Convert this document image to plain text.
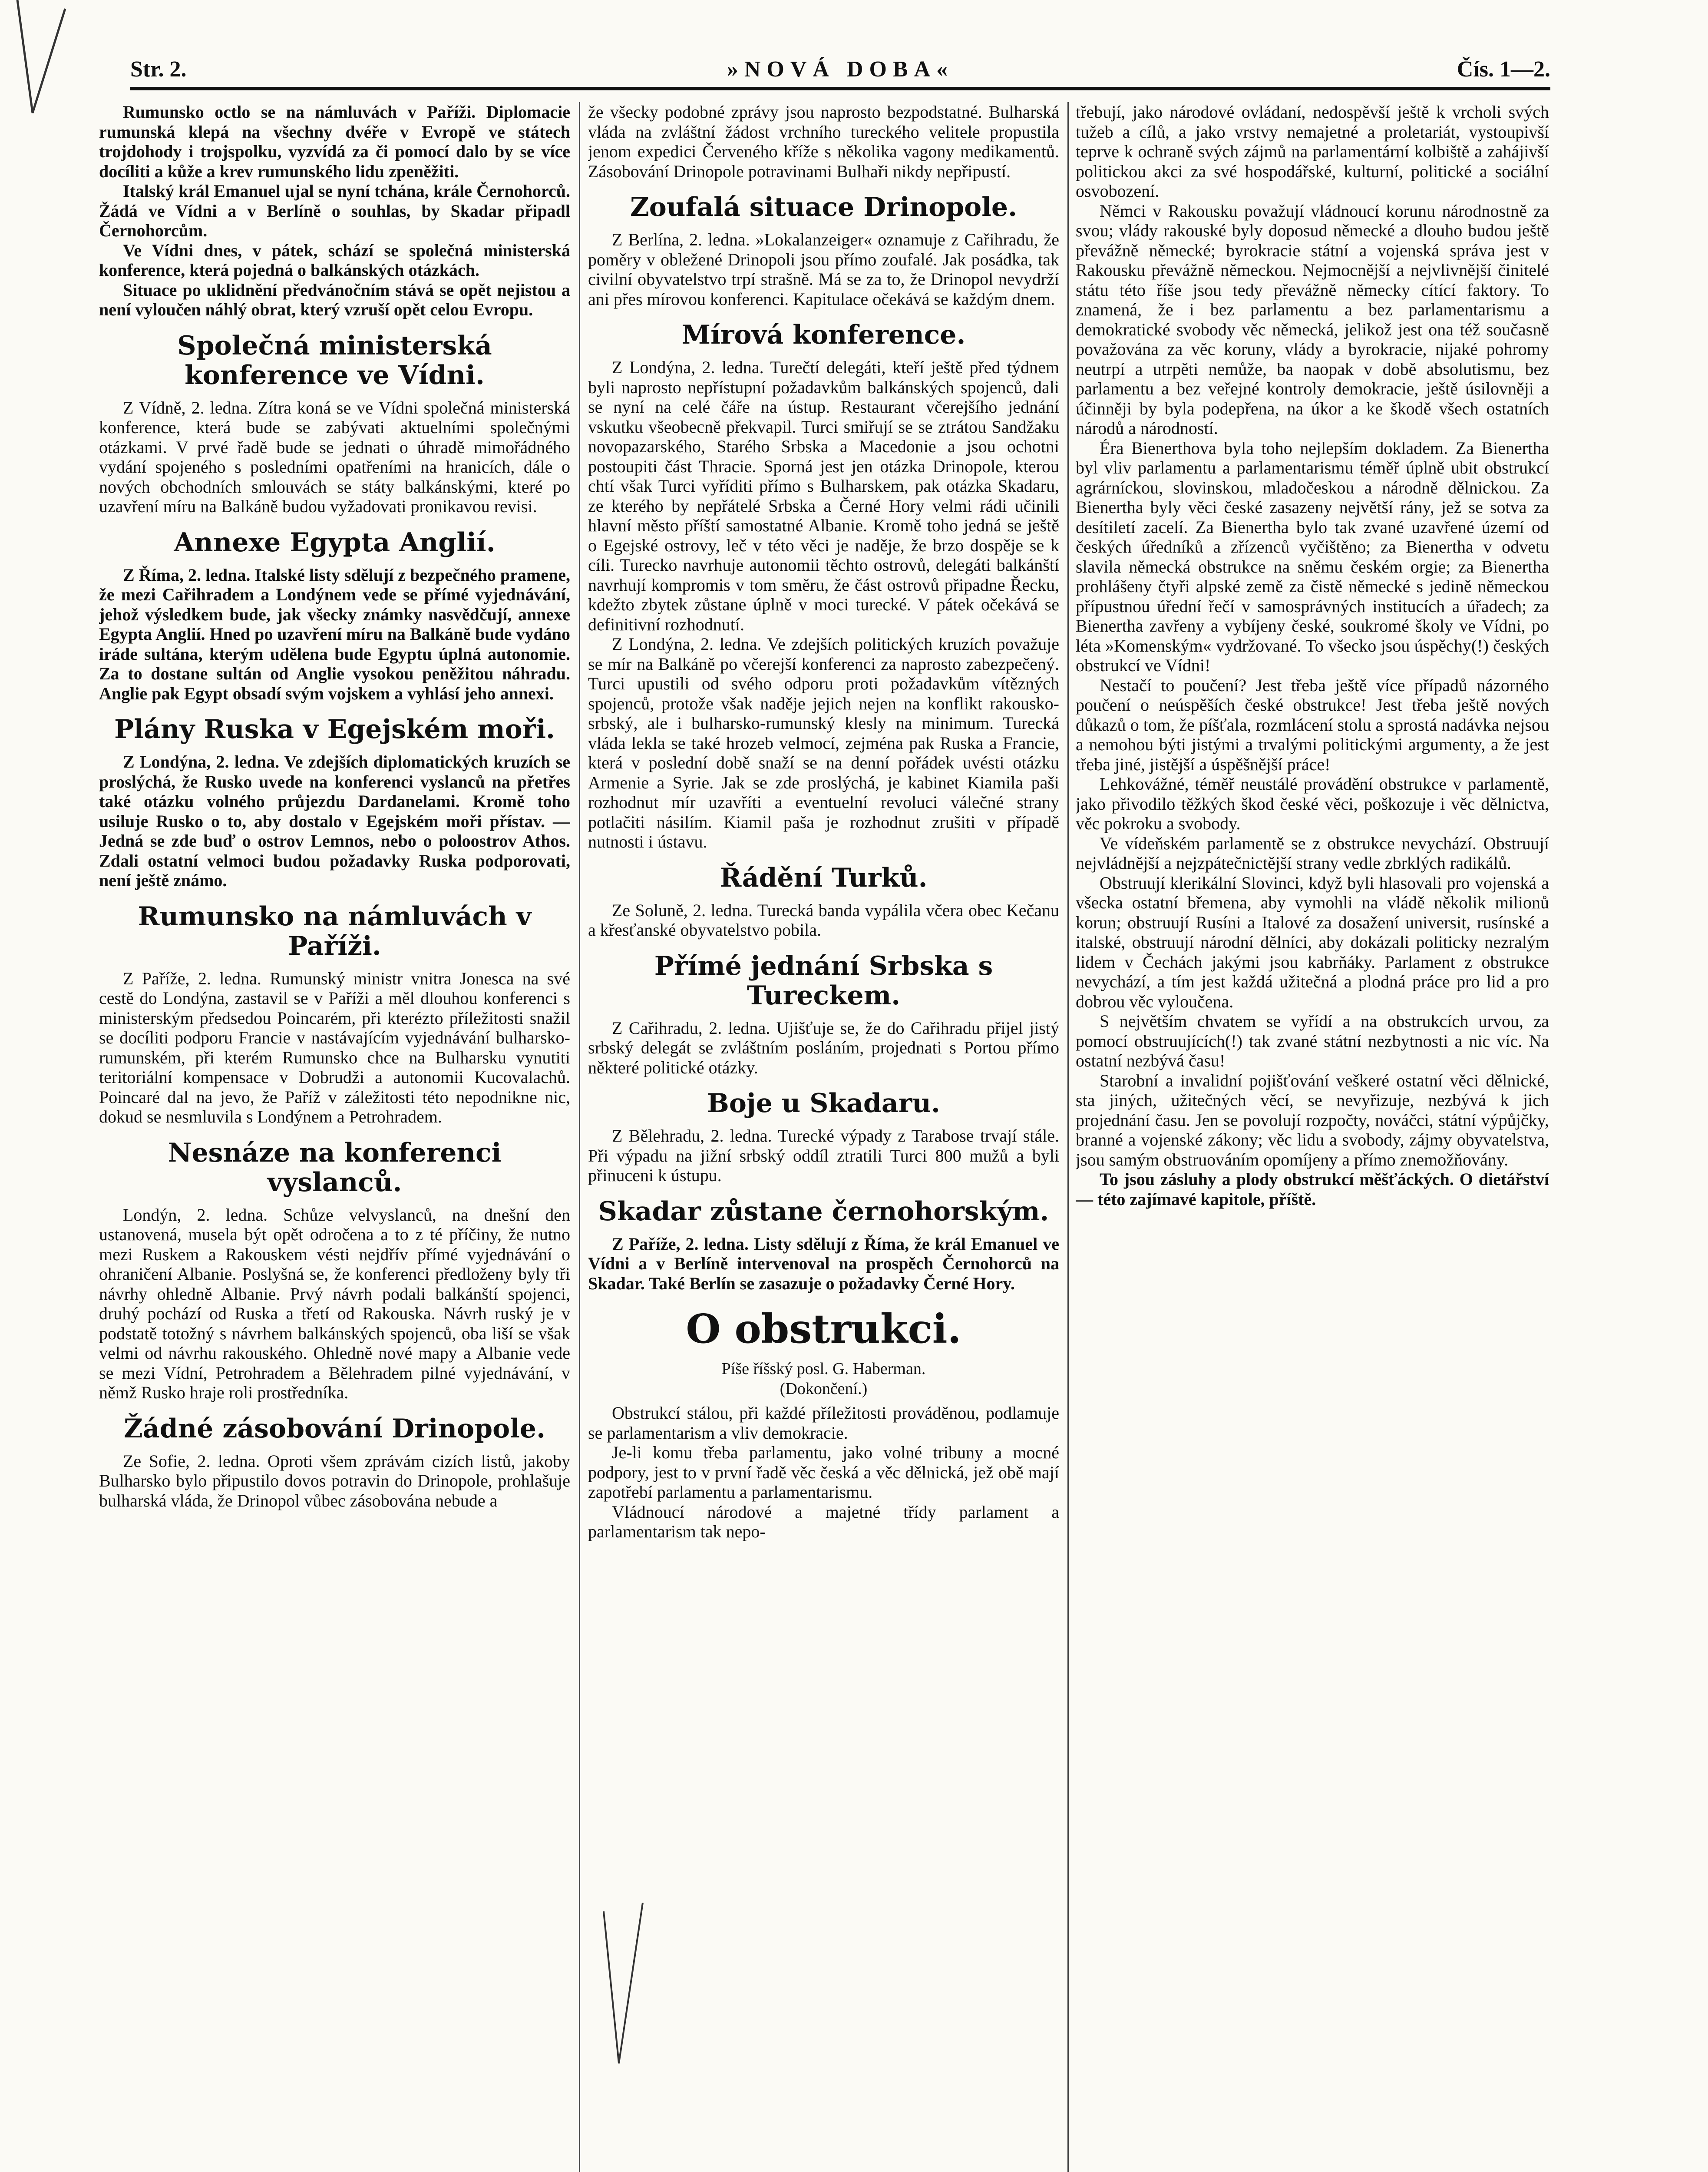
Str. 2.	»NOVÁ DOBA«	Čís. 1—2.

Rumunsko octlo se na námluvách v Paříži. Diplomacie rumunská klepá na všechny dvéře v Evropě ve státech trojdohody i trojspolku, vyzvídá za či pomocí dalo by se více docíliti a kůže a krev rumunského lidu zpeněžiti.

Italský král Emanuel ujal se nyní tchána, krále Černohorců. Žádá ve Vídni a v Berlíně o souhlas, by Skadar připadl Černohorcům.

Ve Vídni dnes, v pátek, schází se společná ministerská konference, která pojedná o balkánských otázkách.

Situace po uklidnění předvánočním stává se opět nejistou a není vyloučen náhlý obrat, který vzruší opět celou Evropu.

Společná ministerská konference ve Vídni.

Z Vídně, 2. ledna. Zítra koná se ve Vídni společná ministerská konference, která bude se zabývati aktuelními společnými otázkami. V prvé řadě bude se jednati o úhradě mimořádného vydání spojeného s posledními opatřeními na hranicích, dále o nových obchodních smlouvách se státy balkánskými, které po uzavření míru na Balkáně budou vyžadovati pronikavou revisi.

Annexe Egypta Anglií.

Z Říma, 2. ledna. Italské listy sdělují z bezpečného pramene, že mezi Cařihradem a Londýnem vede se přímé vyjednávání, jehož výsledkem bude, jak všecky známky nasvědčují, annexe Egypta Anglií. Hned po uzavření míru na Balkáně bude vydáno iráde sultána, kterým udělena bude Egyptu úplná autonomie. Za to dostane sultán od Anglie vysokou peněžitou náhradu. Anglie pak Egypt obsadí svým vojskem a vyhlásí jeho annexi.

Plány Ruska v Egejském moři.

Z Londýna, 2. ledna. Ve zdejších diplomatických kruzích se proslýchá, že Rusko uvede na konferenci vyslanců na přetřes také otázku volného průjezdu Dardanelami. Kromě toho usiluje Rusko o to, aby dostalo v Egejském moři přístav. — Jedná se zde buď o ostrov Lemnos, nebo o poloostrov Athos. Zdali ostatní velmoci budou požadavky Ruska podporovati, není ještě známo.

Rumunsko na námluvách v Paříži.

Z Paříže, 2. ledna. Rumunský ministr vnitra Jonesca na své cestě do Londýna, zastavil se v Paříži a měl dlouhou konferenci s ministerským předsedou Poincarém, při kterézto příležitosti snažil se docíliti podporu Francie v nastávajícím vyjednávání bulharsko-rumunském, při kterém Rumunsko chce na Bulharsku vynutiti teritoriální kompensace v Dobrudži a autonomii Kucovalachů. Poincaré dal na jevo, že Paříž v záležitosti této nepodnikne nic, dokud se nesmluvila s Londýnem a Petrohradem.

Nesnáze na konferenci vyslanců.

Londýn, 2. ledna. Schůze velvyslanců, na dnešní den ustanovená, musela být opět odročena a to z té příčiny, že nutno mezi Ruskem a Rakouskem vésti nejdřív přímé vyjednávání o ohraničení Albanie. Poslyšná se, že konferenci předloženy byly tři návrhy ohledně Albanie. Prvý návrh podali balkánští spojenci, druhý pochází od Ruska a třetí od Rakouska. Návrh ruský je v podstatě totožný s návrhem balkánských spojenců, oba liší se však velmi od návrhu rakouského. Ohledně nové mapy a Albanie vede se mezi Vídní, Petrohradem a Bělehradem pilné vyjednávání, v němž Rusko hraje roli prostředníka.

Žádné zásobování Drinopole.

Ze Sofie, 2. ledna. Oproti všem zprávám cizích listů, jakoby Bulharsko bylo připustilo dovos potravin do Drinopole, prohlašuje bulharská vláda, že Drinopol vůbec zásobována nebude a

že všecky podobné zprávy jsou naprosto bezpodstatné. Bulharská vláda na zvláštní žádost vrchního tureckého velitele propustila jenom expedici Červeného kříže s několika vagony medikamentů. Zásobování Drinopole potravinami Bulhaři nikdy nepřipustí.

Zoufalá situace Drinopole.

Z Berlína, 2. ledna. »Lokalanzeiger« oznamuje z Cařihradu, že poměry v obležené Drinopoli jsou přímo zoufalé. Jak posádka, tak civilní obyvatelstvo trpí strašně. Má se za to, že Drinopol nevydrží ani přes mírovou konferenci. Kapitulace očekává se každým dnem.

Mírová konference.

Z Londýna, 2. ledna. Turečtí delegáti, kteří ještě před týdnem byli naprosto nepřístupní požadavkům balkánských spojenců, dali se nyní na celé čáře na ústup. Restaurant včerejšího jednání vskutku všeobecně překvapil. Turci smiřují se se ztrátou Sandžaku novopazarského, Starého Srbska a Macedonie a jsou ochotni postoupiti část Thracie. Sporná jest jen otázka Drinopole, kterou chtí však Turci vyříditi přímo s Bulharskem, pak otázka Skadaru, ze kterého by nepřátelé Srbska a Černé Hory velmi rádi učinili hlavní město příští samostatné Albanie. Kromě toho jedná se ještě o Egejské ostrovy, leč v této věci je naděje, že brzo dospěje se k cíli. Turecko navrhuje autonomii těchto ostrovů, delegáti balkánští navrhují kompromis v tom směru, že část ostrovů připadne Řecku, kdežto zbytek zůstane úplně v moci turecké. V pátek očekává se definitivní rozhodnutí.

Z Londýna, 2. ledna. Ve zdejších politických kruzích považuje se mír na Balkáně po včerejší konferenci za naprosto zabezpečený. Turci upustili od svého odporu proti požadavkům vítězných spojenců, protože však naděje jejich nejen na konflikt rakousko-srbský, ale i bulharsko-rumunský klesly na minimum. Turecká vláda lekla se také hrozeb velmocí, zejména pak Ruska a Francie, která v poslední době snaží se na denní pořádek uvésti otázku Armenie a Syrie. Jak se zde proslýchá, je kabinet Kiamila paši rozhodnut mír uzavříti a eventuelní revoluci válečné strany potlačiti násilím. Kiamil paša je rozhodnut zrušiti v případě nutnosti i ústavu.

Řádění Turků.

Ze Soluně, 2. ledna. Turecká banda vypálila včera obec Kečanu a křesťanské obyvatelstvo pobila.

Přímé jednání Srbska s Tureckem.

Z Cařihradu, 2. ledna. Ujišťuje se, že do Cařihradu přijel jistý srbský delegát se zvláštním posláním, projednati s Portou přímo některé politické otázky.

Boje u Skadaru.

Z Bělehradu, 2. ledna. Turecké výpady z Tarabose trvají stále. Při výpadu na jižní srbský oddíl ztratili Turci 800 mužů a byli přinuceni k ústupu.

Skadar zůstane černohorským.

Z Paříže, 2. ledna. Listy sdělují z Říma, že král Emanuel ve Vídni a v Berlíně intervenoval na prospěch Černohorců na Skadar. Také Berlín se zasazuje o požadavky Černé Hory.

O obstrukci.

Píše říšský posl. G. Haberman.

(Dokončení.)

Obstrukcí stálou, při každé příležitosti prováděnou, podlamuje se parlamentarism a vliv demokracie.

Je-li komu třeba parlamentu, jako volné tribuny a mocné podpory, jest to v první řadě věc česká a věc dělnická, jež obě mají zapotřebí parlamentu a parlamentarismu.

Vládnoucí národové a majetné třídy parlament a parlamentarism tak nepo-

třebují, jako národové ovládaní, nedospěvší ještě k vrcholi svých tužeb a cílů, a jako vrstvy nemajetné a proletariát, vystoupivší teprve k ochraně svých zájmů na parlamentární kolbiště a zahájivší politickou akci za své hospodářské, kulturní, politické a sociální osvobození.

Němci v Rakousku považují vládnoucí korunu národnostně za svou; vlády rakouské byly doposud německé a dlouho budou ještě převážně německé; byrokracie státní a vojenská správa jest v Rakousku převážně německou. Nejmocnější a nejvlivnější činitelé státu této říše jsou tedy převážně německy cítící faktory. To znamená, že i bez parlamentu a bez parlamentarismu a demokratické svobody věc německá, jelikož jest ona též současně považována za věc koruny, vlády a byrokracie, nijaké pohromy neutrpí a utrpěti nemůže, ba naopak v době absolutismu, bez parlamentu a bez veřejné kontroly demokracie, ještě úsilovněji a účinněji by byla podepřena, na úkor a ke škodě všech ostatních národů a národností.

Éra Bienerthova byla toho nejlepším dokladem. Za Bienertha byl vliv parlamentu a parlamentarismu téměř úplně ubit obstrukcí agrárníckou, slovinskou, mladočeskou a národně dělnickou. Za Bienertha byly věci české zasazeny největší rány, jež se sotva za desítiletí zacelí. Za Bienertha bylo tak zvané uzavřené území od českých úředníků a zřízenců vyčištěno; za Bienertha v odvetu slavila německá obstrukce na sněmu českém orgie; za Bienertha prohlášeny čtyři alpské země za čistě německé s jedině německou přípustnou úřední řečí v samosprávných institucích a úřadech; za Bienertha zavřeny a vybíjeny české, soukromé školy ve Vídni, po léta »Komenským« vydržované. To všecko jsou úspěchy(!) českých obstrukcí ve Vídni!

Nestačí to poučení? Jest třeba ještě více případů názorného poučení o neúspěších české obstrukce! Jest třeba ještě nových důkazů o tom, že píšťala, rozmlácení stolu a sprostá nadávka nejsou a nemohou býti jistými a trvalými politickými argumenty, a že jest třeba jiné, jistější a úspěšnější práce!

Lehkovážné, téměř neustálé provádění obstrukce v parlamentě, jako přivodilo těžkých škod české věci, poškozuje i věc dělnictva, věc pokroku a svobody.

Ve vídeňském parlamentě se z obstrukce nevychází. Obstruují nejvládnější a nejzpátečnictější strany vedle zbrklých radikálů.

Obstruují klerikální Slovinci, když byli hlasovali pro vojenská a všecka ostatní břemena, aby vymohli na vládě několik milionů korun; obstruují Rusíni a Italové za dosažení universit, rusínské a italské, obstruují národní dělníci, aby dokázali politicky nezralým lidem v Čechách jakými jsou kabrňáky. Parlament z obstrukce nevychází, a tím jest každá užitečná a plodná práce pro lid a pro dobrou věc vyloučena.

S největším chvatem se vyřídí a na obstrukcích urvou, za pomocí obstruujících(!) tak zvané státní nezbytnosti a nic víc. Na ostatní nezbývá času!

Starobní a invalidní pojišťování veškeré ostatní věci dělnické, sta jiných, užitečných věcí, se nevyřizuje, nezbývá k jich projednání času. Jen se povolují rozpočty, nováčci, státní výpůjčky, branné a vojenské zákony; věc lidu a svobody, zájmy obyvatelstva, jsou samým obstruováním opomíjeny a přímo znemožňovány.

To jsou zásluhy a plody obstrukcí měšťáckých. O dietářství — této zajímavé kapitole, příště.
